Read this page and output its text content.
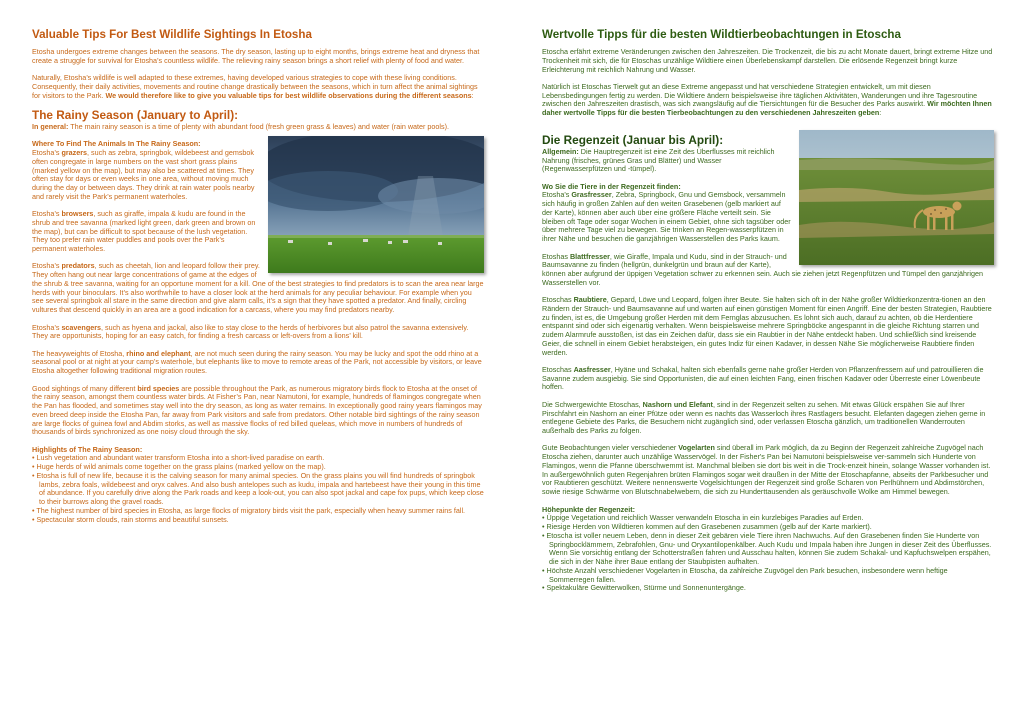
Valuable Tips For Best Wildlife Sightings In Etosha

Etosha undergoes extreme changes between the seasons. The dry season, lasting up to eight months, brings extreme heat and dryness that create a struggle for survival for Etosha’s countless wildlife. The relieving rainy season brings a short relief with plenty of food and water.

Naturally, Etosha’s wildlife is well adapted to these extremes, having developed various strategies to cope with these living conditions. Consequently, their daily activities, movements and routine change drastically between the seasons, which in turn affect the animal sightings for visitors to the Park. We would therefore like to give you valuable tips for best wildlife observations during the different seasons:

The Rainy Season (January to April):

In general: The main rainy season is a time of plenty with abundant food (fresh green grass & leaves) and water (rain water pools).

Where To Find The Animals In The Rainy Season:
Etosha’s grazers, such as zebra, springbok, wildebeest and gemsbok often congregate in large numbers on the vast short grass plains (marked yellow on the map), but may also be scattered at times. They often stay for days or even weeks in one area, without moving much during the day or between days. They drink at rain water pools nearby and rarely visit the Park’s permanent waterholes.

Etosha’s browsers, such as giraffe, impala & kudu are found in the shrub and tree savanna (marked light green, dark green and brown on the map), but can be difficult to spot because of the lush vegetation. They too prefer rain water puddles and pools over the Park’s permanent waterholes.

Etosha’s predators, such as cheetah, lion and leopard follow their prey. They often hang out near large concentrations of game at the edges of the shrub & tree savanna, waiting for an opportune moment for a kill. One of the best strategies to find predators is to scan the area near large herds with your binoculars. It’s also worthwhile to have a closer look at the herd animals for any peculiar behaviour. For example when you see several springbok all stare in the same direction and give alarm calls, it’s a sign that they have spotted a predator. And finally, circling vultures that descend quickly in an area are a good indication for a carcass, where you may find predators nearby.

Etosha’s scavengers, such as hyena and jackal, also like to stay close to the herds of herbivores but also patrol the savanna extensively. They are opportunists, hoping for an easy catch, for finding a fresh carcass or left-overs from a lions’ kill.

The heavyweights of Etosha, rhino and elephant, are not much seen during the rainy season. You may be lucky and spot the odd rhino at a seasonal pool or at night at your camp’s waterhole, but elephants like to move to remote areas of the Park, not accessible by visitors, or leave Etosha altogether following traditional migration routes.

Good sightings of many different bird species are possible throughout the Park, as numerous migratory birds flock to Etosha at the onset of the rainy season, amongst them countless water birds. At Fisher’s Pan, near Namutoni, for example, hundreds of flamingos congregate when the Pan has flooded, and sometimes stay well into the dry season, as long as water remains. In exceptionally good rainy years flamingos may even breed deep inside the Etosha Pan, far away from Park visitors and safe from predators. Other notable bird sightings of the rainy season are large flocks of guinea fowl and Abdim storks, as well as massive flocks of red billed queleas, which move in numbers of hundreds of thousands of birds synchronized as one noisy cloud through the sky.

Highlights of The Rainy Season:
• Lush vegetation and abundant water transform Etosha into a short-lived paradise on earth.
• Huge herds of wild animals come together on the grass plains (marked yellow on the map).
• Etosha is full of new life, because it is the calving season for many animal species. On the grass plains you will find hundreds of springbok lambs, zebra foals, wildebeest and oryx calves. And also bush antelopes such as kudu, impala and hartebeest have their young in this time of abundance. If you carefully drive along the Park roads and keep a look-out, you can also spot jackal and cape fox pups, which keep close to their burrows along the gravel roads.
• The highest number of bird species in Etosha, as large flocks of migratory birds visit the park, especially when heavy summer rains fall.
• Spectacular storm clouds, rain storms and beautiful sunsets.
Wertvolle Tipps für die besten Wildtierbeobachtungen in Etoscha

Etoscha erfährt extreme Veränderungen zwischen den Jahreszeiten. Die Trockenzeit, die bis zu acht Monate dauert, bringt extreme Hitze und Trockenheit mit sich, die für Etoschas unzählige Wildtiere einen Überlebenskampf darstellen. Die erlösende Regenzeit bringt kurze Erleichterung mit reichlich Nahrung und Wasser.

Natürlich ist Etoschas Tierwelt gut an diese Extreme angepasst und hat verschiedene Strategien entwickelt, um mit diesen Lebensbedingungen fertig zu werden. Die Wildtiere ändern beispielsweise ihre täglichen Aktivitäten, Wanderungen und ihre Tagesroutine zwischen den Jahreszeiten drastisch, was sich zwangsläufig auf die Tiersichtungen für die Besucher des Parks auswirkt. Wir möchten Ihnen daher wertvolle Tipps für die besten Tierbeobachtungen zu den verschiedenen Jahreszeiten geben:

Die Regenzeit (Januar bis April):

Allgemein: Die Hauptregenzeit ist eine Zeit des Überflusses mit reichlich Nahrung (frisches, grünes Gras und Blätter) und Wasser (Regenwasserpfützen und -tümpel).

Wo Sie die Tiere in der Regenzeit finden:
Etosha's Grasfresser, Zebra, Springbock, Gnu und Gemsbock, versammeln sich häufig in großen Zahlen auf den weiten Grasebenen (gelb markiert auf der Karte), können aber auch über eine größere Fläche verteilt sein. Sie bleiben oft Tage oder sogar Wochen in einem Gebiet, ohne sich tagsüber oder über mehrere Tage viel zu bewegen. Sie trinken an Regen-wasserpfützen in ihrer Nähe und besuchen die ganzjährigen Wasserstellen des Parks kaum.

Etoshas Blattfresser, wie Giraffe, Impala und Kudu, sind in der Strauch- und Baumsavanne zu finden (hellgrün, dunkelgrün und braun auf der Karte), können aber aufgrund der üppigen Vegetation schwer zu erkennen sein. Auch sie ziehen jetzt Regenpfützen und Tümpel den ganzjährigen Wasserstellen vor.

Etoschas Raubtiere, Gepard, Löwe und Leopard, folgen ihrer Beute. Sie halten sich oft in der Nähe großer Wildtierkonzentra-tionen an den Rändern der Strauch- und Baumsavanne auf und warten auf einen günstigen Moment für einen Angriff. Eine der besten Strategien, Raubtiere zu finden, ist es, die Umgebung großer Herden mit dem Fernglas abzusuchen. Es lohnt sich auch, darauf zu achten, ob die Herdentiere entspannt sind oder sich eigenartig verhalten. Wenn beispielsweise mehrere Springböcke angespannt in die gleiche Richtung starren und zudem Alarmrufe ausstoßen, ist das ein Zeichen dafür, dass sie ein Raubtier in der Nähe entdeckt haben. Und schließlich sind kreisende Geier, die schnell in einem Gebiet herabsteigen, ein gutes Indiz für einen Kadaver, in dessen Nähe Sie möglicherweise Raubtiere finden werden.

Etoschas Aasfresser, Hyäne und Schakal, halten sich ebenfalls gerne nahe großer Herden von Pflanzenfressern auf und patrouillieren die Savanne zudem ausgiebig. Sie sind Opportunisten, die auf einen leichten Fang, einen frischen Kadaver oder Überreste einer Löwenbeute hoffen.

Die Schwergewichte Etoschas, Nashorn und Elefant, sind in der Regenzeit selten zu sehen. Mit etwas Glück erspähen Sie auf Ihrer Pirschfahrt ein Nashorn an einer Pfütze oder wenn es nachts das Wasserloch ihres Rastlagers besucht. Elefanten dagegen ziehen gerne in entlegene Gebiete des Parks, die Besuchern nicht zugänglich sind, oder verlassen Etoscha gänzlich, um traditionellen Wanderrouten außerhalb des Parks zu folgen.

Gute Beobachtungen vieler verschiedener Vogelarten sind überall im Park möglich, da zu Beginn der Regenzeit zahlreiche Zugvögel nach Etoscha ziehen, darunter auch unzählige Wasservögel. In der Fisher's Pan bei Namutoni beispielsweise ver-sammeln sich Hunderte von Flamingos, wenn die Pfanne überschwemmt ist. Manchmal bleiben sie dort bis weit in die Trock-enzeit hinein, solange Wasser vorhanden ist. In außergewöhnlich guten Regenjahren brüten Flamingos sogar weit draußen in der Mitte der Etoschapfanne, abseits der Parkbesucher und vor Raubtieren geschützt. Weitere nennenswerte Vogelsichtungen der Regenzeit sind große Scharen von Perlhühnern und Abdimstörchen, sowie riesige Schwärme von Blutschnabelwebern, die sich zu Hunderttausenden als geräuschvolle Wolke am Himmel bewegen.

Höhepunkte der Regenzeit:
• Üppige Vegetation und reichlich Wasser verwandeln Etoscha in ein kurzlebiges Paradies auf Erden.
• Riesige Herden von Wildtieren kommen auf den Grasebenen zusammen (gelb auf der Karte markiert).
• Etoscha ist voller neuem Leben, denn in dieser Zeit gebären viele Tiere ihren Nachwuchs. Auf den Grasebenen finden Sie Hunderte von Springbocklämmern, Zebrafohlen, Gnu- und Oryxantilopenkälber. Auch Kudu und Impala haben ihre Jungen in dieser Zeit des Überflusses. Wenn Sie vorsichtig entlang der Schotterstraßen fahren und Ausschau halten, können Sie zudem Schakal- und Kapfuchswelpen erspähen, die sich in der Nähe ihrer Baue entlang der Staubpisten aufhalten.
• Höchste Anzahl verschiedener Vogelarten in Etoscha, da zahlreiche Zugvögel den Park besuchen, insbesondere wenn heftige Sommerregen fallen.
• Spektakuläre Gewitterwolken, Stürme und Sonnenuntergänge.
